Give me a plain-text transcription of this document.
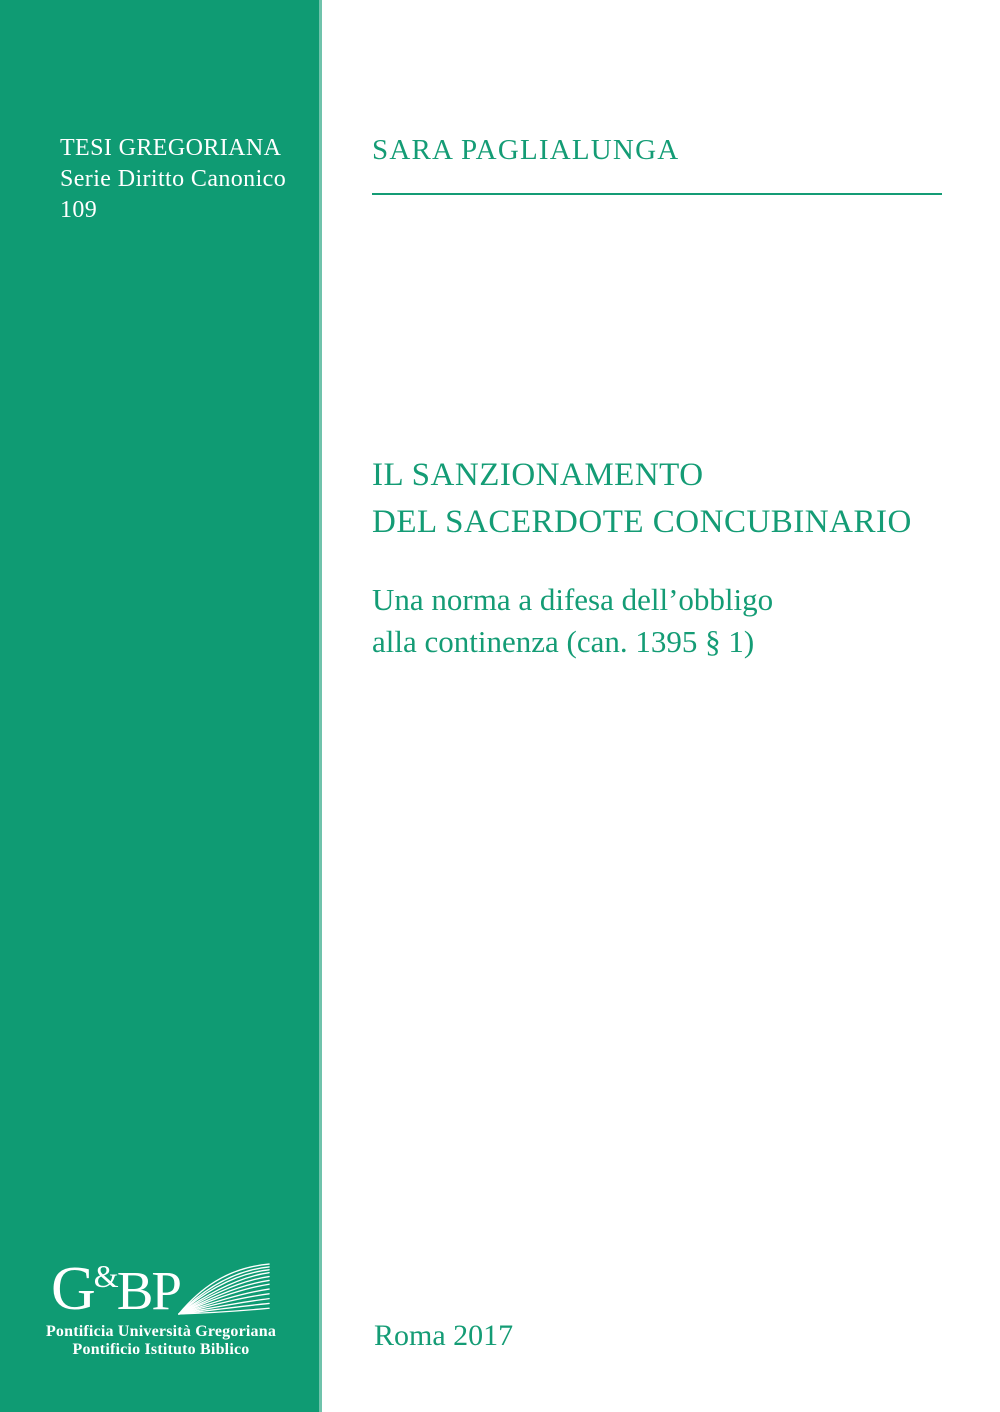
TESI GREGORIANA
Serie Diritto Canonico
109
G&BP
Pontificia Università Gregoriana
Pontificio Istituto Biblico
SARA PAGLIALUNGA
IL SANZIONAMENTO
DEL SACERDOTE CONCUBINARIO
Una norma a difesa dell’obbligo
alla continenza (can. 1395 § 1)
Roma 2017
